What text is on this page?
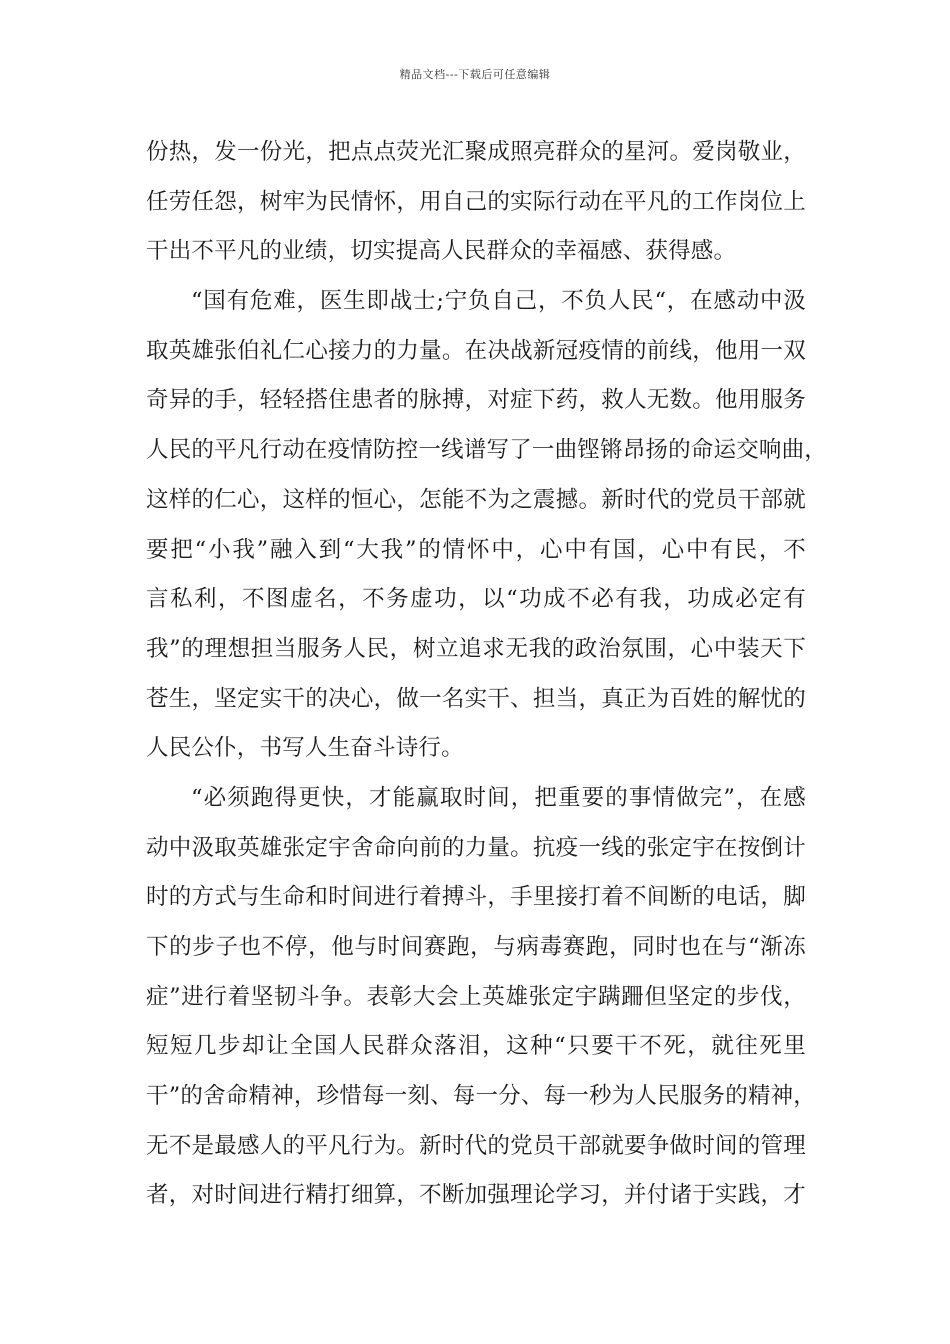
精品文档---下载后可任意编辑
份热，发一份光，把点点荧光汇聚成照亮群众的星河。爱岗敬业，
任劳任怨，树牢为民情怀，用自己的实际行动在平凡的工作岗位上
干出不平凡的业绩，切实提高人民群众的幸福感、获得感。
“国有危难，医生即战士;宁负自己，不负人民“，在感动中汲
取英雄张伯礼仁心接力的力量。在决战新冠疫情的前线，他用一双
奇异的手，轻轻搭住患者的脉搏，对症下药，救人无数。他用服务
人民的平凡行动在疫情防控一线谱写了一曲铿锵昂扬的命运交响曲，
这样的仁心，这样的恒心，怎能不为之震撼。新时代的党员干部就
要把“小我”融入到“大我”的情怀中，心中有国，心中有民，不
言私利，不图虚名，不务虚功，以“功成不必有我，功成必定有
我”的理想担当服务人民，树立追求无我的政治氛围，心中装天下
苍生，坚定实干的决心，做一名实干、担当，真正为百姓的解忧的
人民公仆，书写人生奋斗诗行。
“必须跑得更快，才能赢取时间，把重要的事情做完”，在感
动中汲取英雄张定宇舍命向前的力量。抗疫一线的张定宇在按倒计
时的方式与生命和时间进行着搏斗，手里接打着不间断的电话，脚
下的步子也不停，他与时间赛跑，与病毒赛跑，同时也在与“渐冻
症”进行着坚韧斗争。表彰大会上英雄张定宇蹒跚但坚定的步伐，
短短几步却让全国人民群众落泪，这种“只要干不死，就往死里
干”的舍命精神，珍惜每一刻、每一分、每一秒为人民服务的精神，
无不是最感人的平凡行为。新时代的党员干部就要争做时间的管理
者，对时间进行精打细算，不断加强理论学习，并付诸于实践，才
